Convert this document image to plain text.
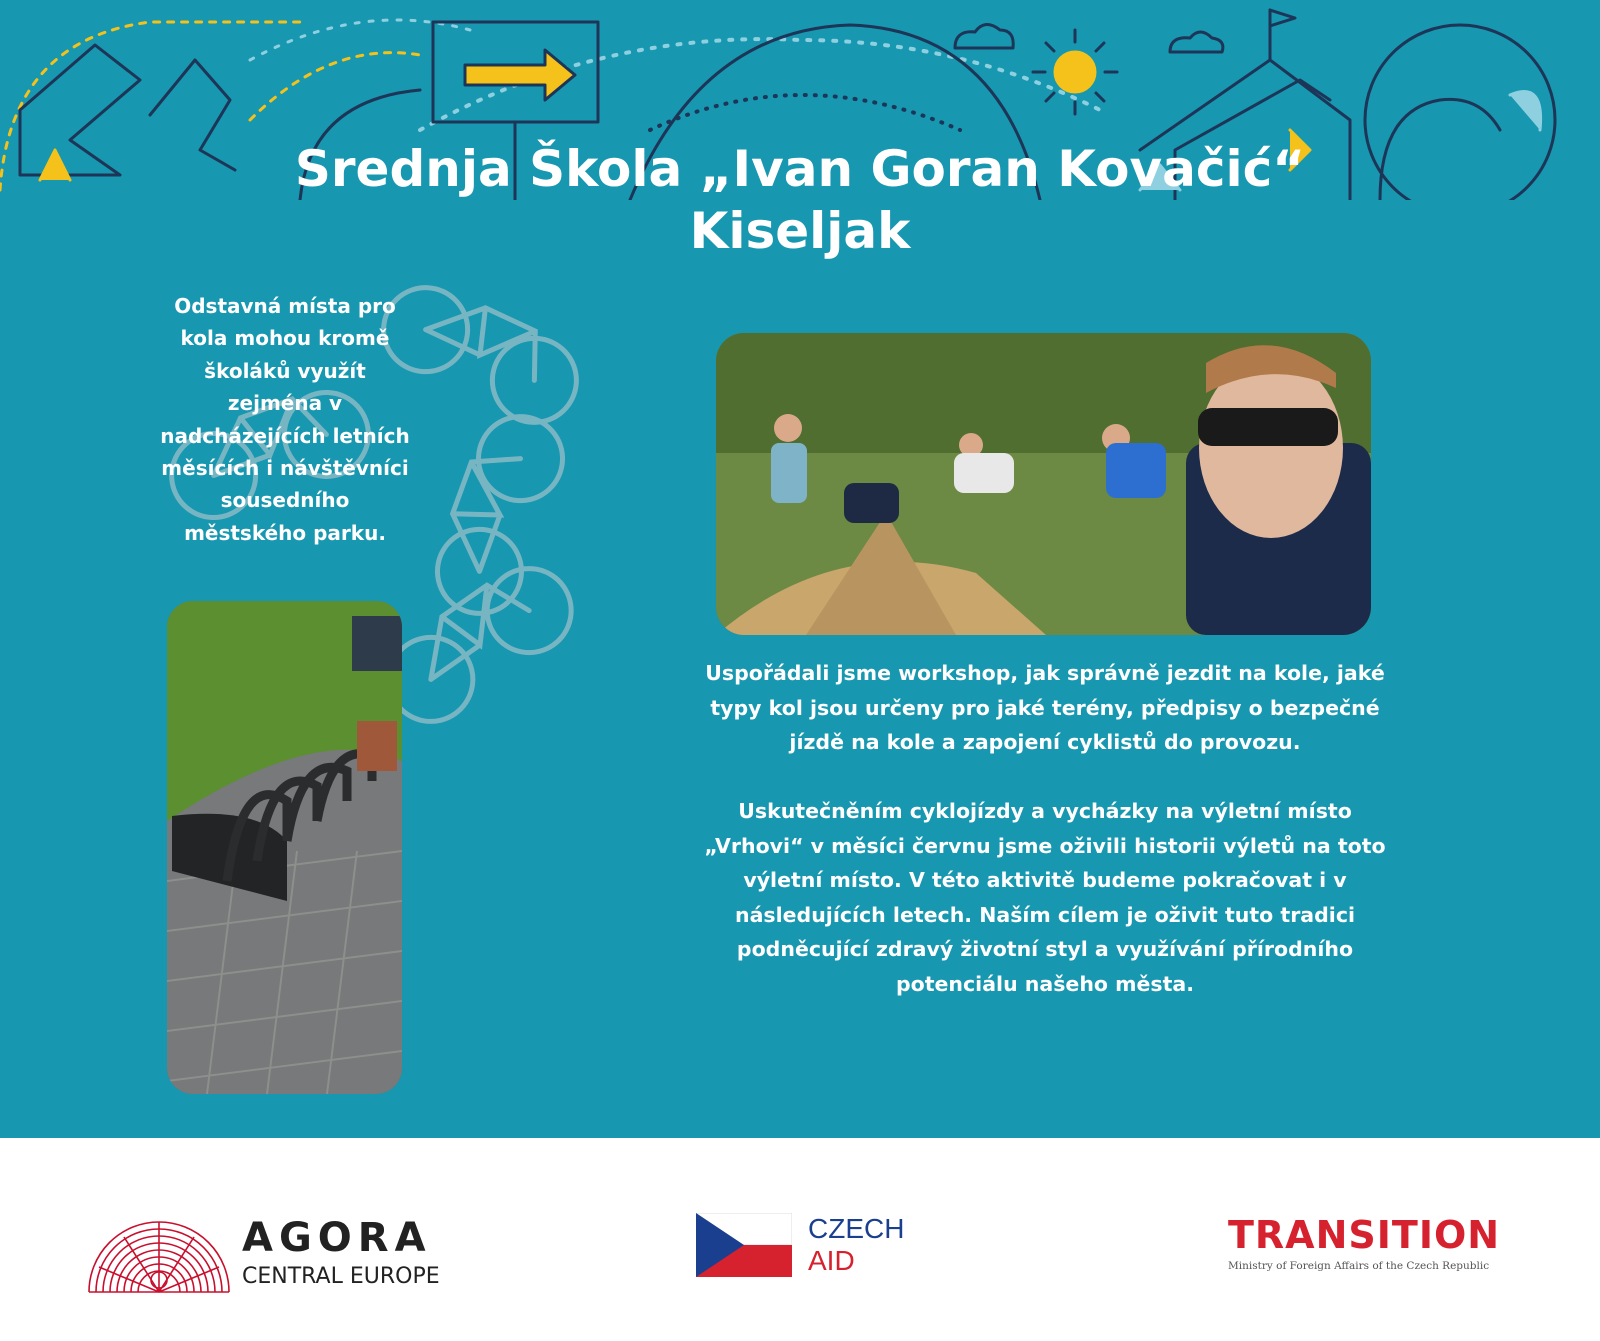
Srednja Škola „Ivan Goran Kovačić“
Kiseljak

Odstavná místa pro kola mohou kromě školáků využít zejména v nadcházejících letních měsících i návštěvníci sousedního městského parku.

Uspořádali jsme workshop, jak správně jezdit na kole, jaké typy kol jsou určeny pro jaké terény, předpisy o bezpečné jízdě na kole a zapojení cyklistů do provozu.

Uskutečněním cyklojízdy a vycházky na výletní místo „Vrhovi“ v měsíci červnu jsme oživili historii výletů na toto výletní místo. V této aktivitě budeme pokračovat i v následujících letech. Naším cílem je oživit tuto tradici podněcující zdravý životní styl a využívání přírodního potenciálu našeho města.

AGORA
CENTRAL EUROPE
CZECH
AID
TRANSITION
Ministry of Foreign Affairs of the Czech Republic
